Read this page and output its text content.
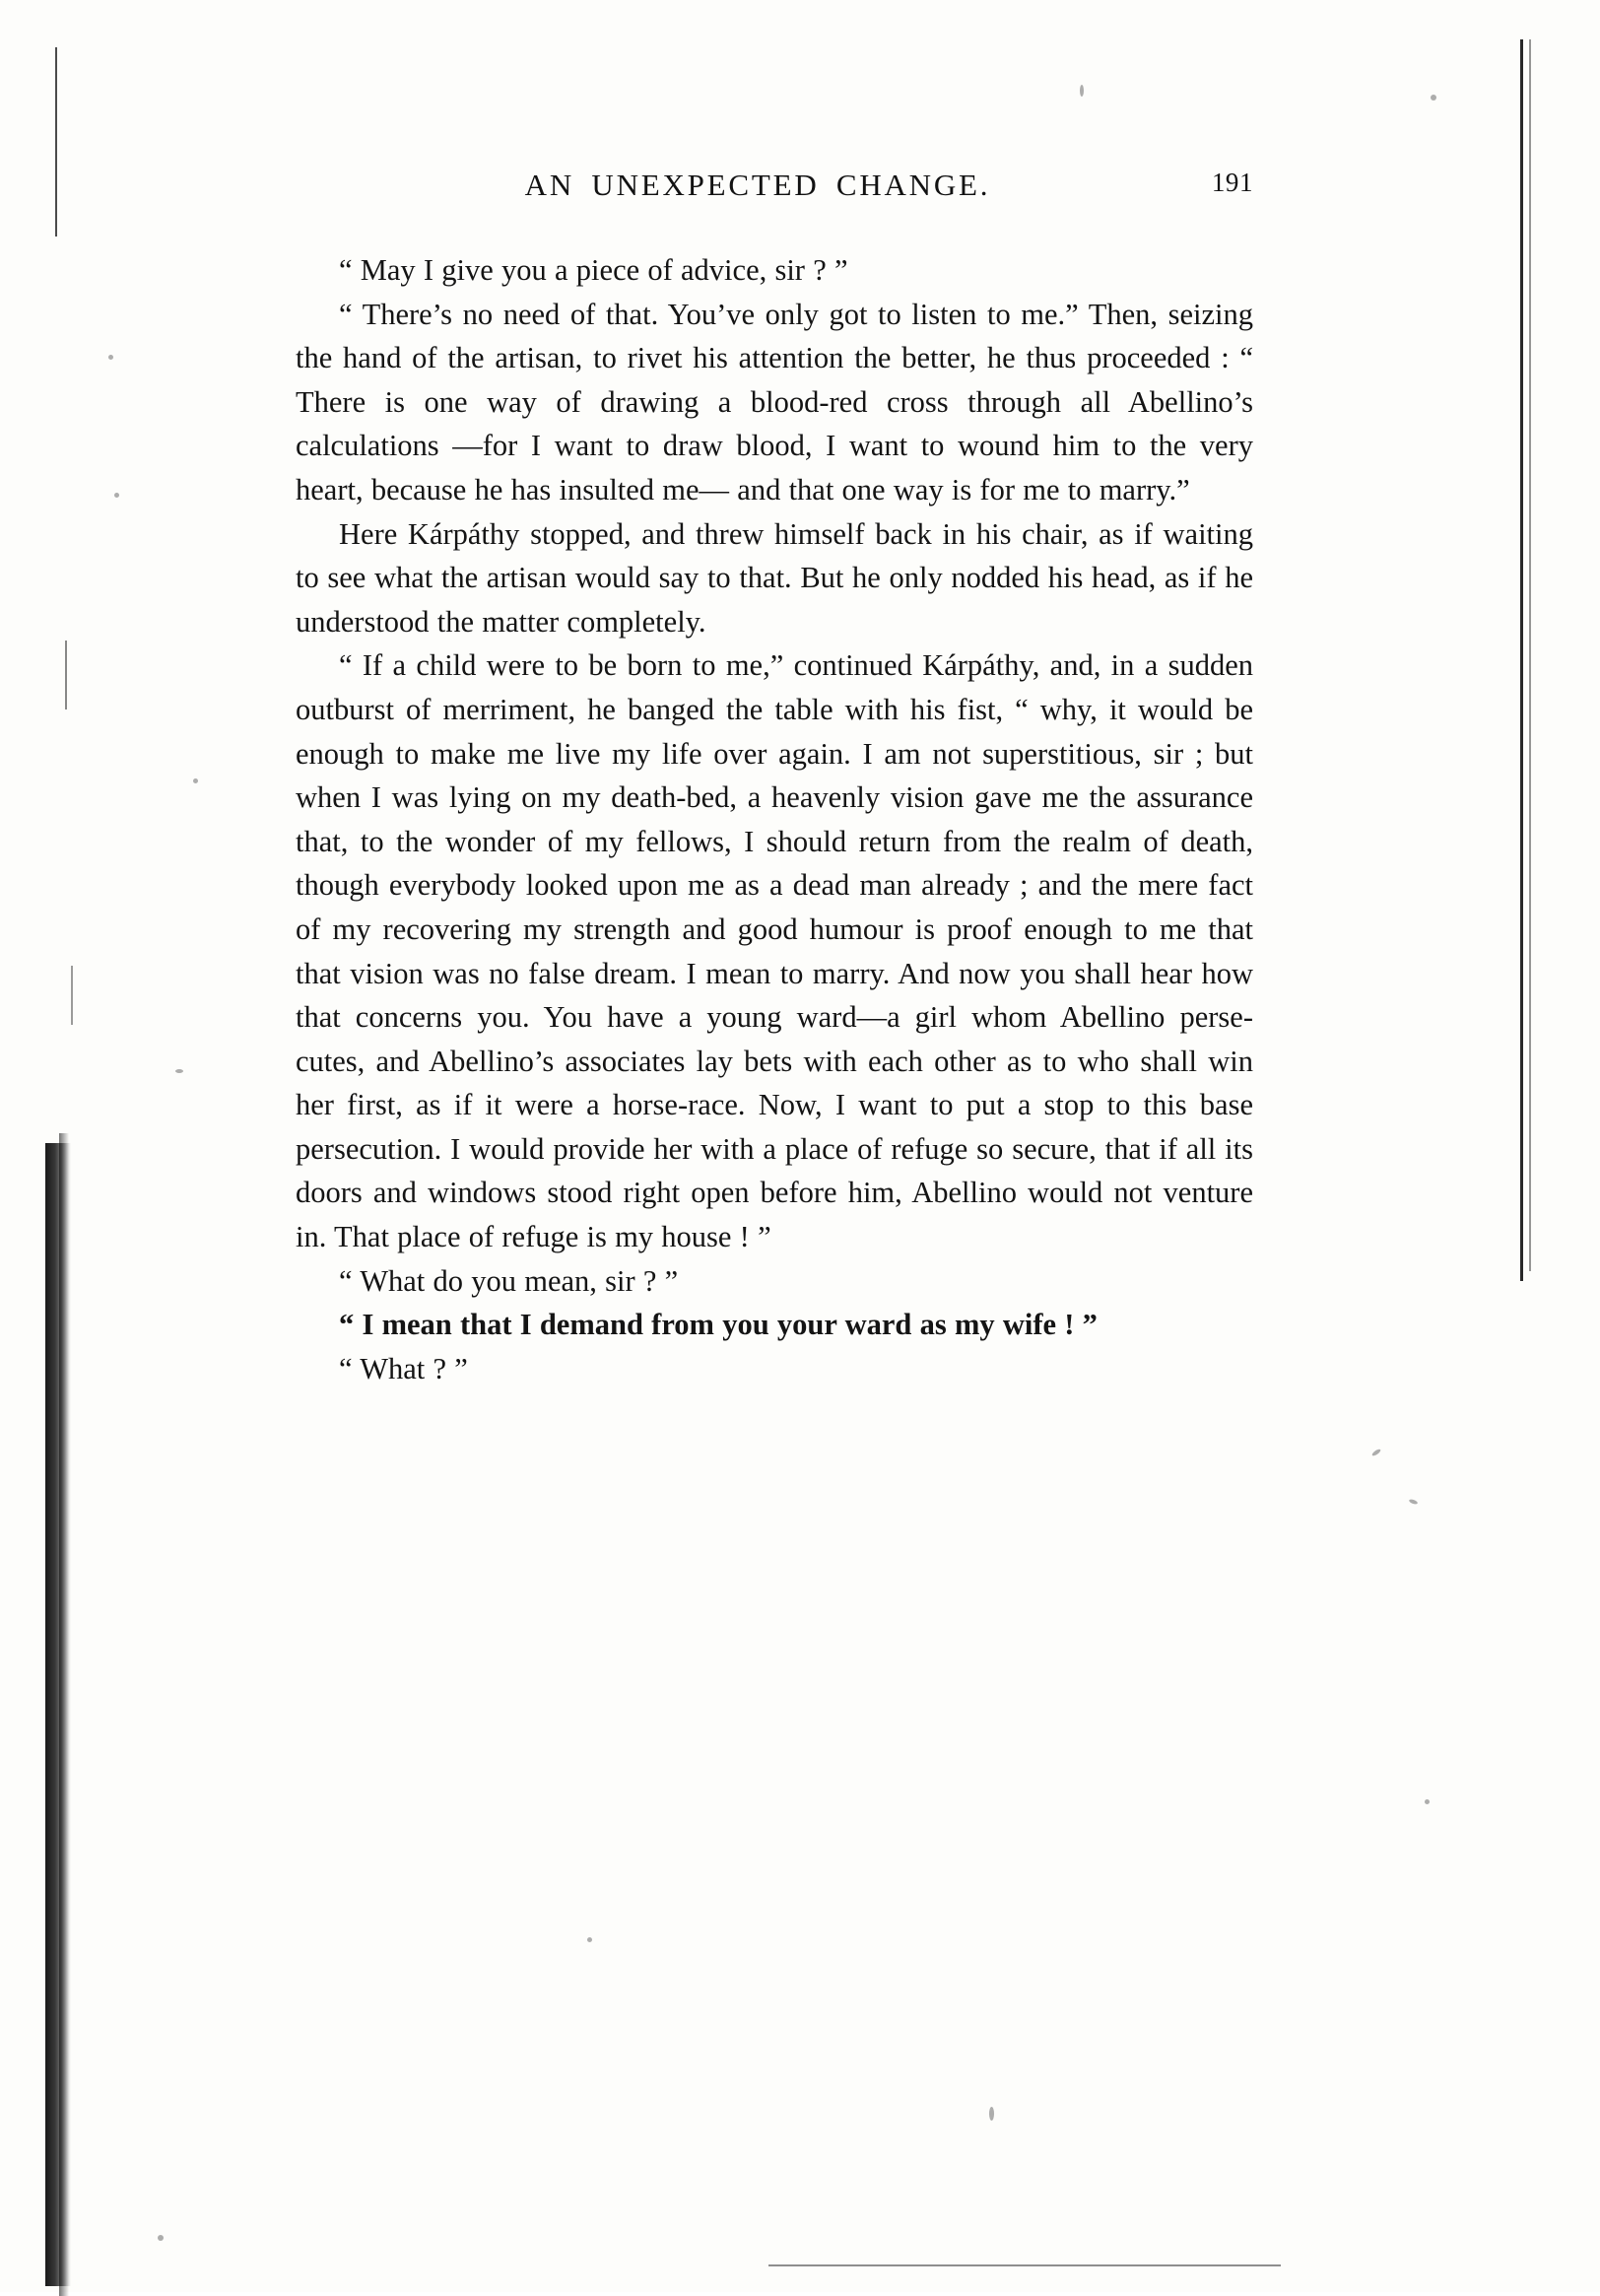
AN UNEXPECTED CHANGE.	191

“ May I give you a piece of advice, sir ? ”

“ There’s no need of that. You’ve only got to listen to me.” Then, seizing the hand of the artisan, to rivet his attention the better, he thus proceeded : “ There is one way of drawing a blood-red cross through all Abellino’s calculations —for I want to draw blood, I want to wound him to the very heart, because he has insulted me— and that one way is for me to marry.”

Here Kárpáthy stopped, and threw himself back in his chair, as if waiting to see what the artisan would say to that. But he only nodded his head, as if he understood the matter completely.

“ If a child were to be born to me,” continued Kárpáthy, and, in a sudden outburst of merriment, he banged the table with his fist, “ why, it would be enough to make me live my life over again. I am not superstitious, sir ; but when I was lying on my death-bed, a heavenly vision gave me the assurance that, to the wonder of my fellows, I should return from the realm of death, though everybody looked upon me as a dead man already ; and the mere fact of my recovering my strength and good humour is proof enough to me that that vision was no false dream. I mean to marry. And now you shall hear how that concerns you. You have a young ward—a girl whom Abellino perse- cutes, and Abellino’s associates lay bets with each other as to who shall win her first, as if it were a horse-race. Now, I want to put a stop to this base persecution. I would provide her with a place of refuge so secure, that if all its doors and windows stood right open before him, Abellino would not venture in. That place of refuge is my house ! ”

“ What do you mean, sir ? ”

“ I mean that I demand from you your ward as my wife ! ”

“ What ? ”
